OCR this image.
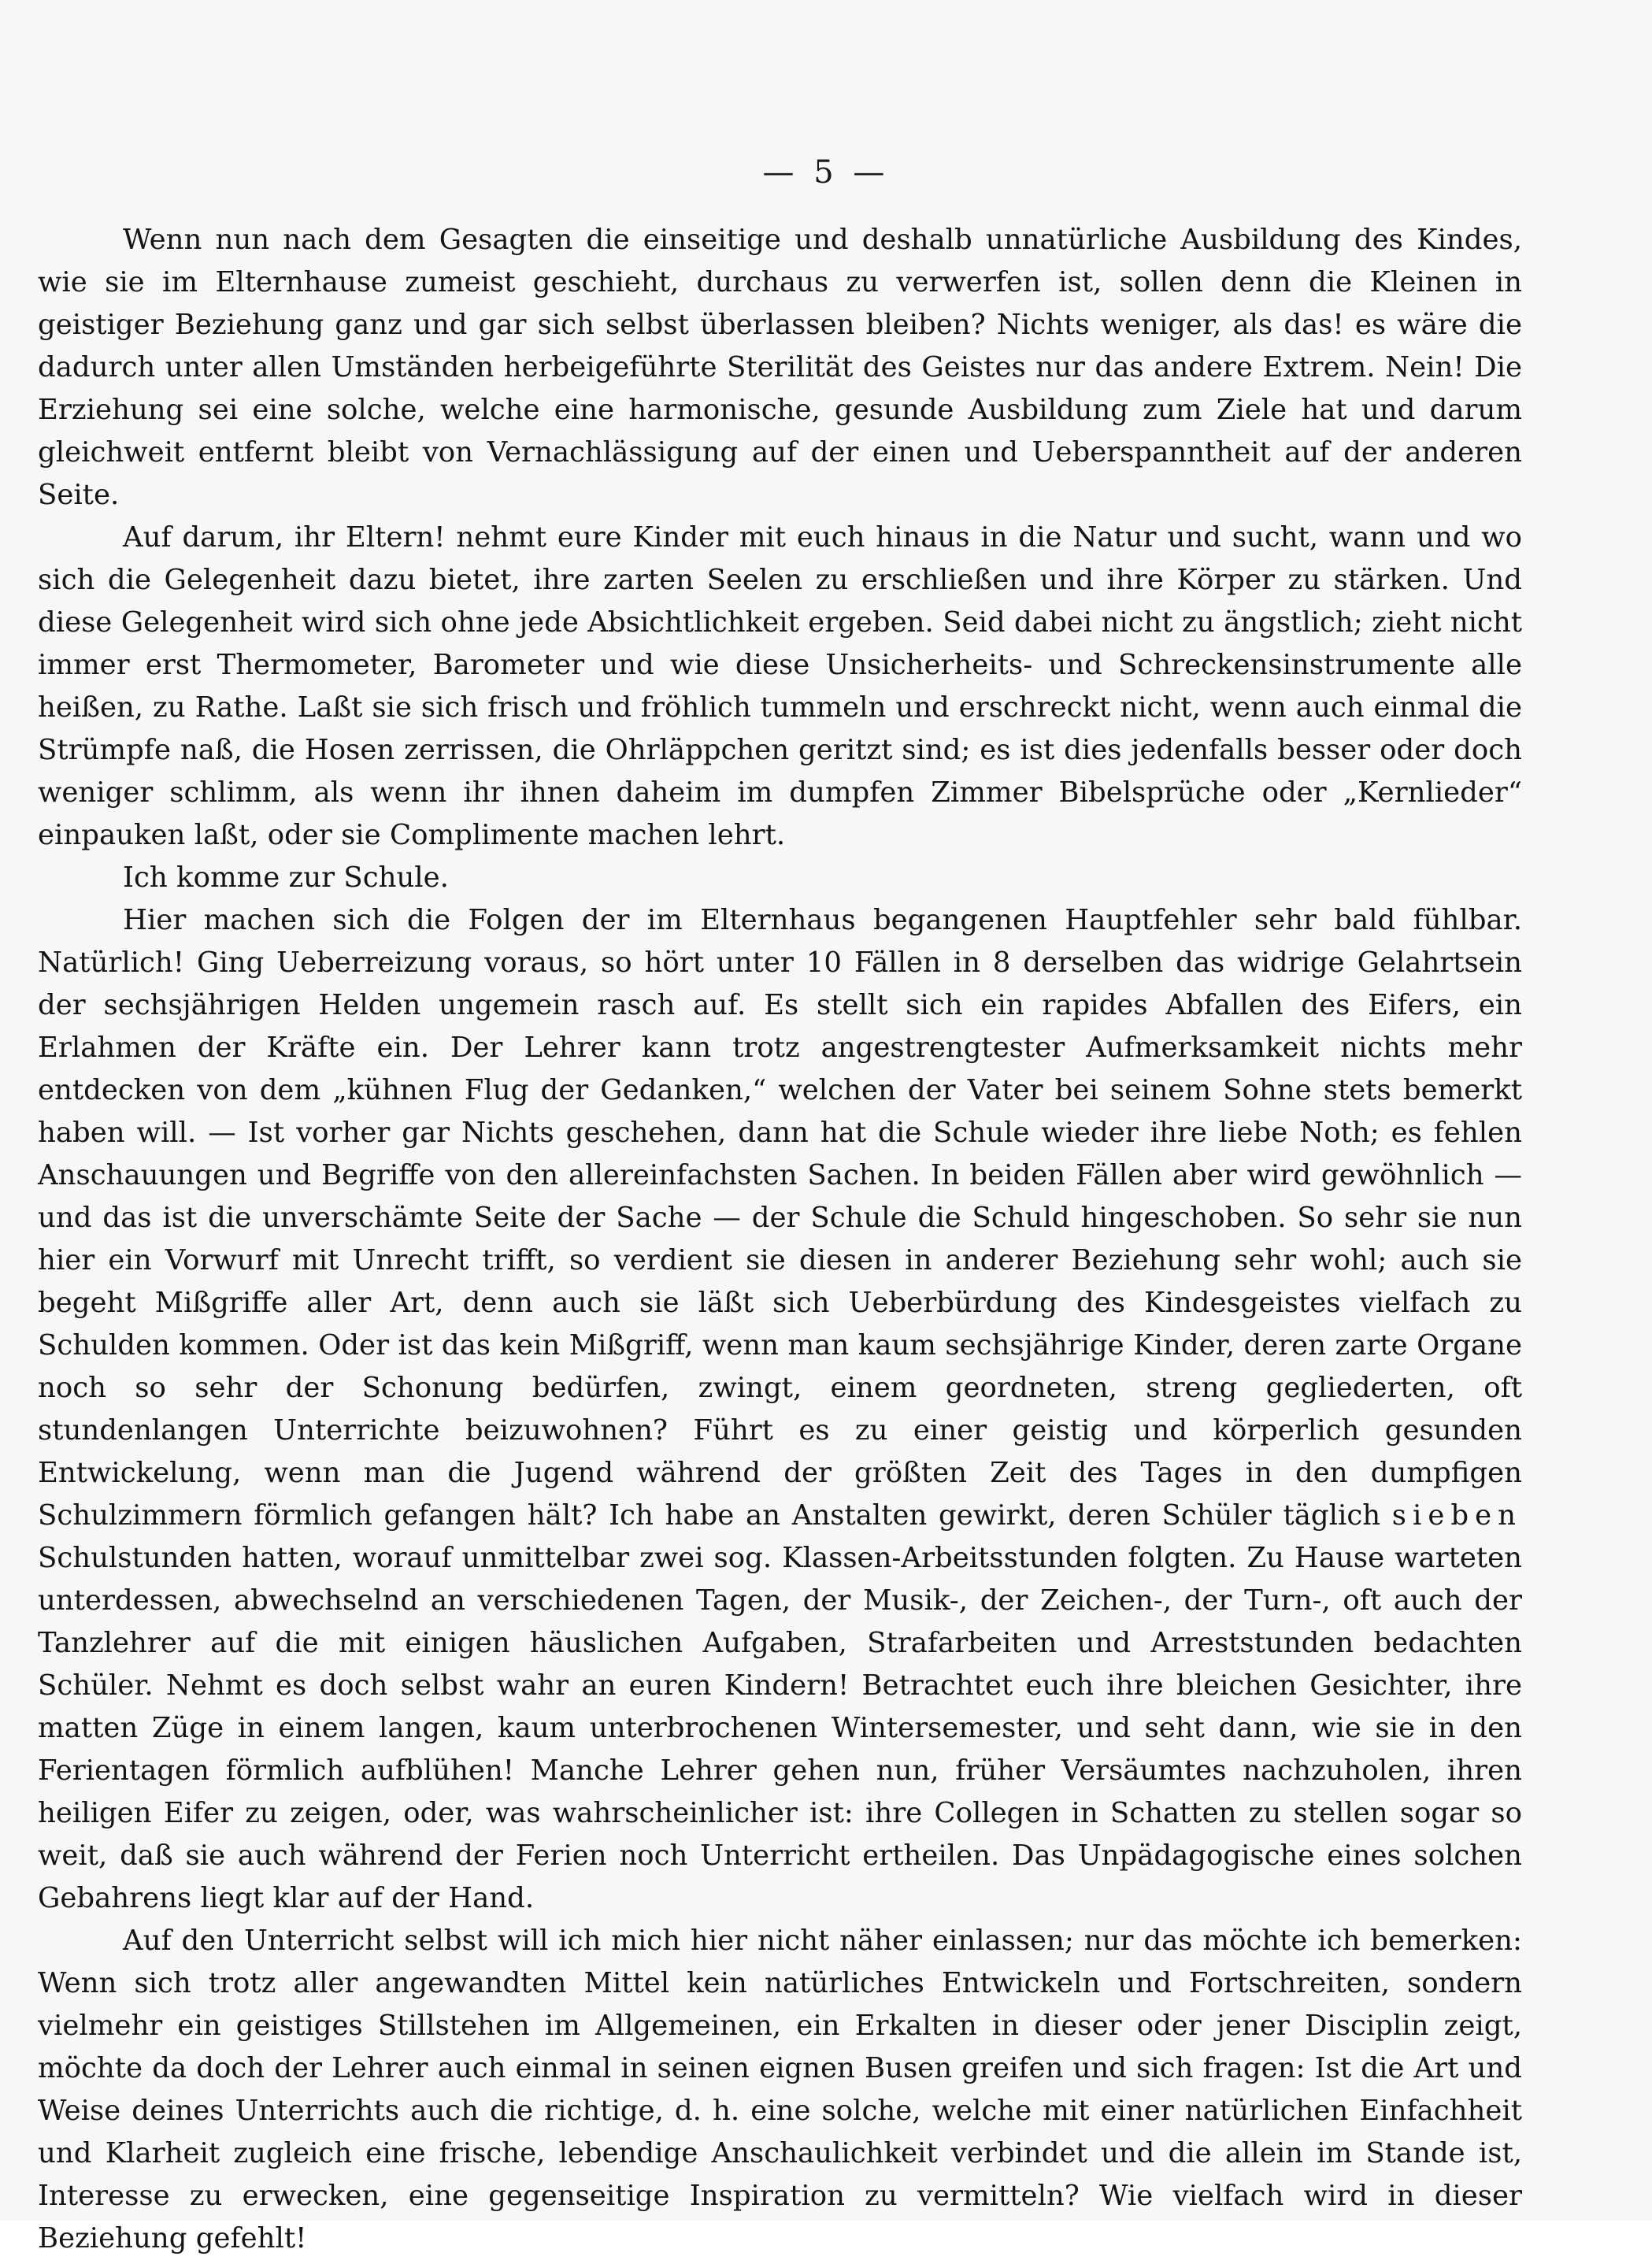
— 5 —

Wenn nun nach dem Gesagten die einseitige und deshalb unnatürliche Ausbildung des Kindes, wie sie im Elternhause zumeist geschieht, durchaus zu verwerfen ist, sollen denn die Kleinen in geistiger Beziehung ganz und gar sich selbst überlassen bleiben? Nichts weniger, als das! es wäre die dadurch unter allen Umständen herbeigeführte Sterilität des Geistes nur das andere Extrem. Nein! Die Erziehung sei eine solche, welche eine harmonische, gesunde Ausbildung zum Ziele hat und darum gleichweit entfernt bleibt von Vernachlässigung auf der einen und Ueberspanntheit auf der anderen Seite.

Auf darum, ihr Eltern! nehmt eure Kinder mit euch hinaus in die Natur und sucht, wann und wo sich die Gelegenheit dazu bietet, ihre zarten Seelen zu erschließen und ihre Körper zu stärken. Und diese Gelegenheit wird sich ohne jede Absichtlichkeit ergeben. Seid dabei nicht zu ängstlich; zieht nicht immer erst Thermometer, Barometer und wie diese Unsicherheits- und Schreckensinstrumente alle heißen, zu Rathe. Laßt sie sich frisch und fröhlich tummeln und erschreckt nicht, wenn auch einmal die Strümpfe naß, die Hosen zerrissen, die Ohrläppchen geritzt sind; es ist dies jedenfalls besser oder doch weniger schlimm, als wenn ihr ihnen daheim im dumpfen Zimmer Bibelsprüche oder „Kernlieder“ einpauken laßt, oder sie Complimente machen lehrt.

Ich komme zur Schule.

Hier machen sich die Folgen der im Elternhaus begangenen Hauptfehler sehr bald fühlbar. Natürlich! Ging Ueberreizung voraus, so hört unter 10 Fällen in 8 derselben das widrige Gelahrtsein der sechsjährigen Helden ungemein rasch auf. Es stellt sich ein rapides Abfallen des Eifers, ein Erlahmen der Kräfte ein. Der Lehrer kann trotz angestrengtester Aufmerksamkeit nichts mehr entdecken von dem „kühnen Flug der Gedanken,“ welchen der Vater bei seinem Sohne stets bemerkt haben will. — Ist vorher gar Nichts geschehen, dann hat die Schule wieder ihre liebe Noth; es fehlen Anschauungen und Begriffe von den allereinfachsten Sachen. In beiden Fällen aber wird gewöhnlich — und das ist die unverschämte Seite der Sache — der Schule die Schuld hingeschoben. So sehr sie nun hier ein Vorwurf mit Unrecht trifft, so verdient sie diesen in anderer Beziehung sehr wohl; auch sie begeht Mißgriffe aller Art, denn auch sie läßt sich Ueberbürdung des Kindesgeistes vielfach zu Schulden kommen. Oder ist das kein Mißgriff, wenn man kaum sechsjährige Kinder, deren zarte Organe noch so sehr der Schonung bedürfen, zwingt, einem geordneten, streng gegliederten, oft stundenlangen Unterrichte beizuwohnen? Führt es zu einer geistig und körperlich gesunden Entwickelung, wenn man die Jugend während der größten Zeit des Tages in den dumpfigen Schulzimmern förmlich gefangen hält? Ich habe an Anstalten gewirkt, deren Schüler täglich sieben Schulstunden hatten, worauf unmittelbar zwei sog. Klassen-Arbeitsstunden folgten. Zu Hause warteten unterdessen, abwechselnd an verschiedenen Tagen, der Musik-, der Zeichen-, der Turn-, oft auch der Tanzlehrer auf die mit einigen häuslichen Aufgaben, Strafarbeiten und Arreststunden bedachten Schüler. Nehmt es doch selbst wahr an euren Kindern! Betrachtet euch ihre bleichen Gesichter, ihre matten Züge in einem langen, kaum unterbrochenen Wintersemester, und seht dann, wie sie in den Ferientagen förmlich aufblühen! Manche Lehrer gehen nun, früher Versäumtes nachzuholen, ihren heiligen Eifer zu zeigen, oder, was wahrscheinlicher ist: ihre Collegen in Schatten zu stellen sogar so weit, daß sie auch während der Ferien noch Unterricht ertheilen. Das Unpädagogische eines solchen Gebahrens liegt klar auf der Hand.

Auf den Unterricht selbst will ich mich hier nicht näher einlassen; nur das möchte ich bemerken: Wenn sich trotz aller angewandten Mittel kein natürliches Entwickeln und Fortschreiten, sondern vielmehr ein geistiges Stillstehen im Allgemeinen, ein Erkalten in dieser oder jener Disciplin zeigt, möchte da doch der Lehrer auch einmal in seinen eignen Busen greifen und sich fragen: Ist die Art und Weise deines Unterrichts auch die richtige, d. h. eine solche, welche mit einer natürlichen Einfachheit und Klarheit zugleich eine frische, lebendige Anschaulichkeit verbindet und die allein im Stande ist, Interesse zu erwecken, eine gegenseitige Inspiration zu vermitteln? Wie vielfach wird in dieser Beziehung gefehlt!
